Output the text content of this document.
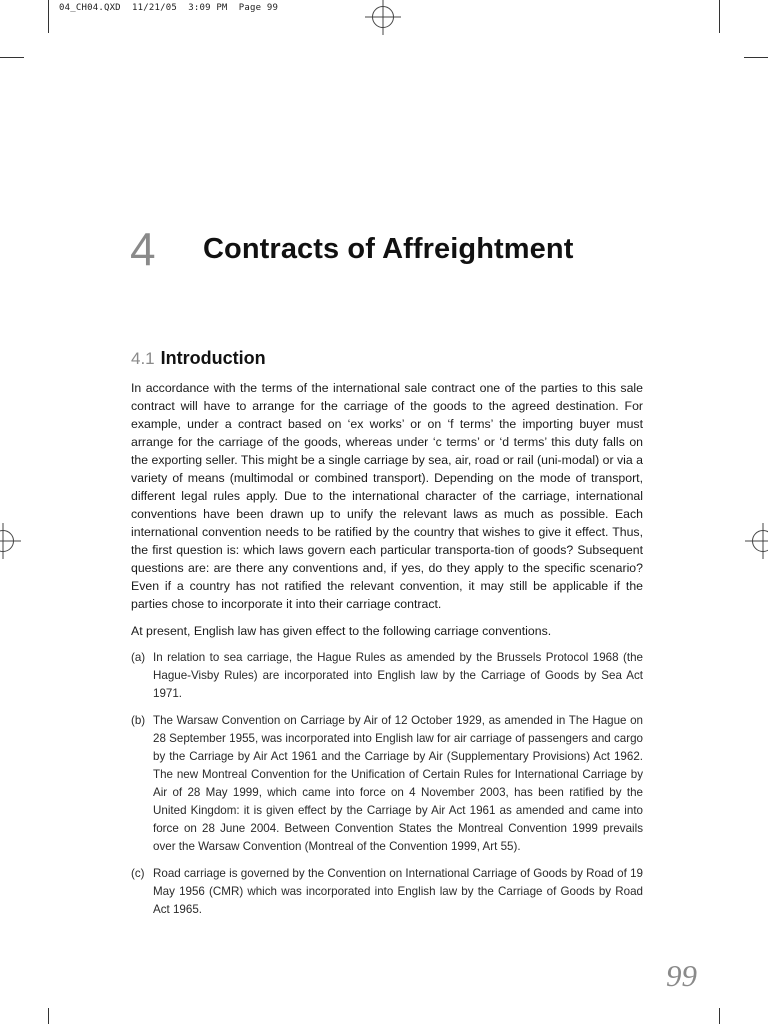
04_CH04.QXD  11/21/05  3:09 PM  Page 99
4 Contracts of Affreightment
4.1 Introduction

In accordance with the terms of the international sale contract one of the parties to this sale contract will have to arrange for the carriage of the goods to the agreed destination. For example, under a contract based on ‘ex works’ or on ‘f terms’ the importing buyer must arrange for the carriage of the goods, whereas under ‘c terms’ or ‘d terms’ this duty falls on the exporting seller. This might be a single carriage by sea, air, road or rail (uni-modal) or via a variety of means (multimodal or combined transport). Depending on the mode of transport, different legal rules apply. Due to the international character of the carriage, international conventions have been drawn up to unify the relevant laws as much as possible. Each international convention needs to be ratified by the country that wishes to give it effect. Thus, the first question is: which laws govern each particular transporta-tion of goods? Subsequent questions are: are there any conventions and, if yes, do they apply to the specific scenario? Even if a country has not ratified the relevant convention, it may still be applicable if the parties chose to incorporate it into their carriage contract.

At present, English law has given effect to the following carriage conventions.

(a) In relation to sea carriage, the Hague Rules as amended by the Brussels Protocol 1968 (the Hague-Visby Rules) are incorporated into English law by the Carriage of Goods by Sea Act 1971.
(b) The Warsaw Convention on Carriage by Air of 12 October 1929, as amended in The Hague on 28 September 1955, was incorporated into English law for air carriage of passengers and cargo by the Carriage by Air Act 1961 and the Carriage by Air (Supplementary Provisions) Act 1962. The new Montreal Convention for the Unification of Certain Rules for International Carriage by Air of 28 May 1999, which came into force on 4 November 2003, has been ratified by the United Kingdom: it is given effect by the Carriage by Air Act 1961 as amended and came into force on 28 June 2004. Between Convention States the Montreal Convention 1999 prevails over the Warsaw Convention (Montreal of the Convention 1999, Art 55).
(c) Road carriage is governed by the Convention on International Carriage of Goods by Road of 19 May 1956 (CMR) which was incorporated into English law by the Carriage of Goods by Road Act 1965.
99
